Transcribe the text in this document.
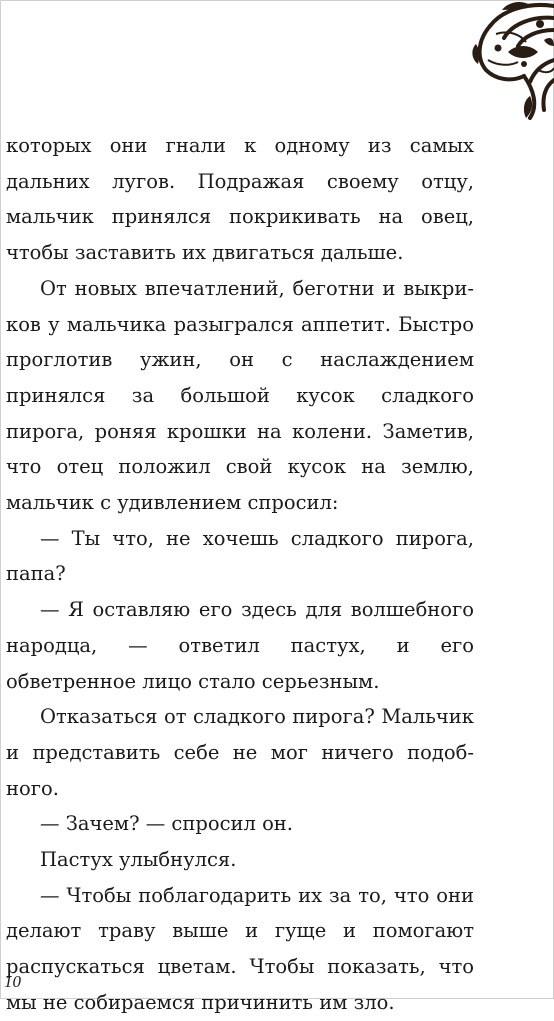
которых они гнали к одному из самых дальних лугов. Подражая своему отцу, мальчик принялся покрикивать на овец, чтобы заставить их двигаться дальше.

От новых впечатлений, беготни и выкриков у мальчика разыгрался аппетит. Быстро проглотив ужин, он с наслаждением принялся за большой кусок сладкого пирога, роняя крошки на колени. Заметив, что отец положил свой кусок на землю, мальчик с удивлением спросил:

— Ты что, не хочешь сладкого пирога, папа?

— Я оставляю его здесь для волшебного народца, — ответил пастух, и его обветренное лицо стало серьезным.

Отказаться от сладкого пирога? Мальчик и представить себе не мог ничего подобного.

— Зачем? — спросил он.

Пастух улыбнулся.

— Чтобы поблагодарить их за то, что они делают траву выше и гуще и помогают распускаться цветам. Чтобы показать, что мы не собираемся причинить им зло.

10
